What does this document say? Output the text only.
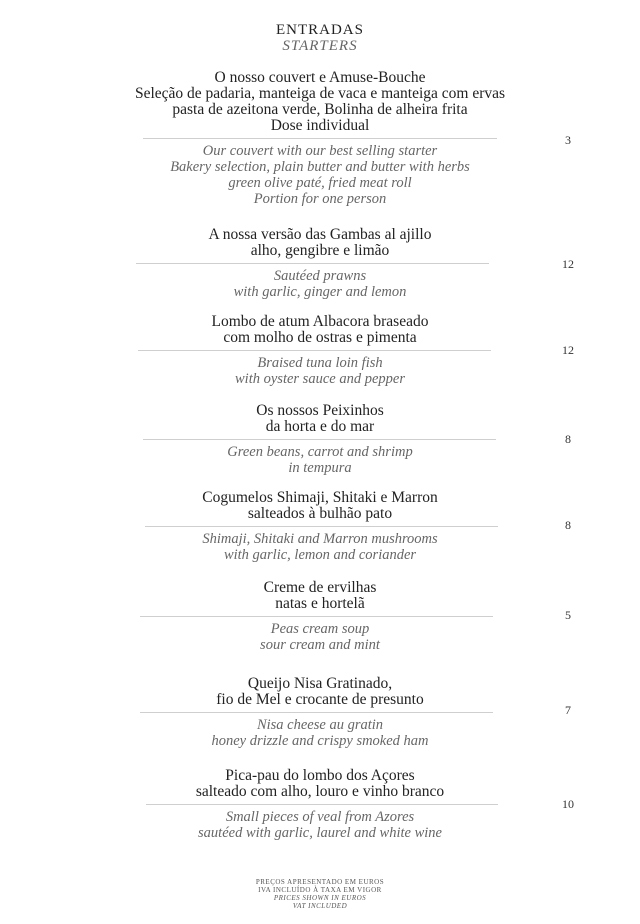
ENTRADAS
STARTERS
O nosso couvert e Amuse-Bouche
Seleção de padaria, manteiga de vaca e manteiga com ervas
pasta de azeitona verde, Bolinha de alheira frita
Dose individual
Our couvert with our best selling starter
Bakery selection, plain butter and butter with herbs
green olive paté, fried meat roll
Portion for one person
3
A nossa versão das Gambas al ajillo
alho, gengibre e limão
Sautéed prawns
with garlic, ginger and lemon
12
Lombo de atum Albacora braseado
com molho de ostras e pimenta
Braised tuna loin fish
with oyster sauce and pepper
12
Os nossos Peixinhos
da horta e do mar
Green beans, carrot and shrimp
in tempura
8
Cogumelos Shimaji, Shitaki e Marron
salteados à bulhão pato
Shimaji, Shitaki and Marron mushrooms
with garlic, lemon and coriander
8
Creme de ervilhas
natas e hortelã
Peas cream soup
sour cream and mint
5
Queijo Nisa Gratinado,
fio de Mel e crocante de presunto
Nisa cheese au gratin
honey drizzle and crispy smoked ham
7
Pica-pau do lombo dos Açores
salteado com alho, louro e vinho branco
Small pieces of veal from Azores
sautéed with garlic, laurel and white wine
10
PREÇOS APRESENTADO EM EUROS
IVA INCLUÍDO À TAXA EM VIGOR
PRICES SHOWN IN EUROS
VAT INCLUDED
